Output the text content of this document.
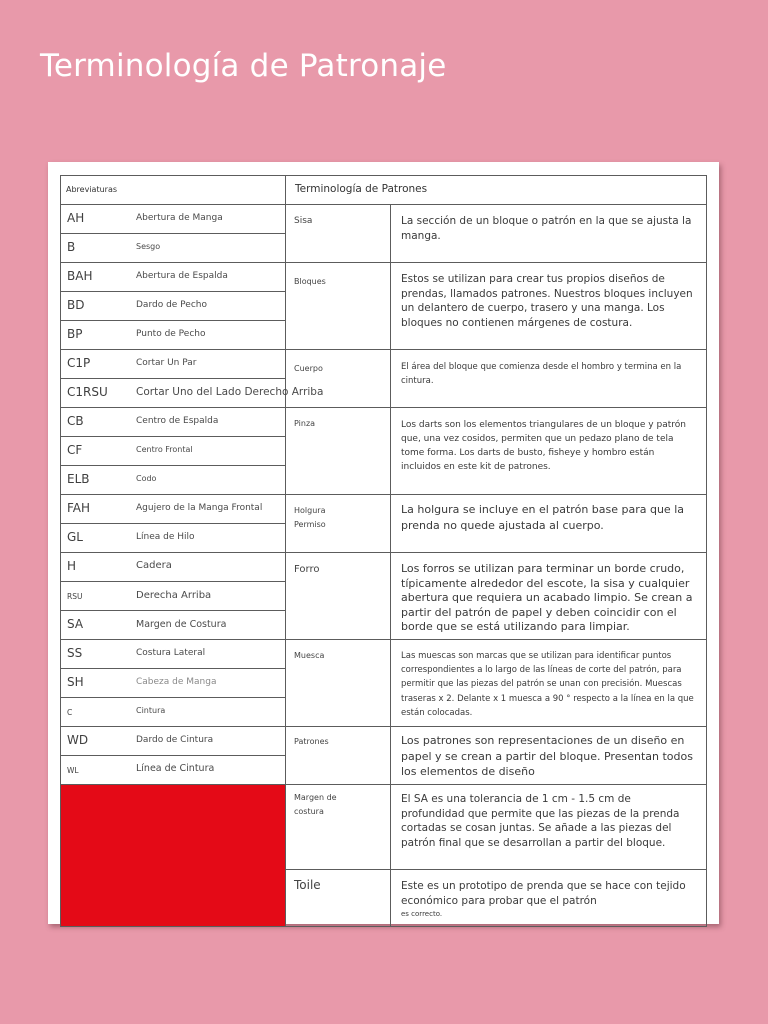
Terminología de Patronaje
Abreviaturas	Terminología de Patrones	

AH Abertura de Manga	Sisa	La sección de un bloque o patrón en la que se ajusta la manga.

B Sesgo		

BAH Abertura de Espalda	Bloques	Estos se utilizan para crear tus propios diseños de prendas, llamados patrones. Nuestros bloques incluyen un delantero de cuerpo, trasero y una manga. Los bloques no contienen márgenes de costura.

BD Dardo de Pecho		

BP Punto de Pecho		

C1P Cortar Un Par	Cuerpo	El área del bloque que comienza desde el hombro y termina en la cintura.

C1RSU Cortar Uno del Lado Derecho Arriba		

CB Centro de Espalda	Pinza	Los darts son los elementos triangulares de un bloque y patrón que, una vez cosidos, permiten que un pedazo plano de tela tome forma. Los darts de busto, fisheye y hombro están incluidos en este kit de patrones.

CF Centro Frontal		

ELB Codo		

FAH Agujero de la Manga Frontal	Holgura Permiso	La holgura se incluye en el patrón base para que la prenda no quede ajustada al cuerpo.

GL Línea de Hilo		

H Cadera	Forro	Los forros se utilizan para terminar un borde crudo, típicamente alrededor del escote, la sisa y cualquier abertura que requiera un acabado limpio. Se crean a partir del patrón de papel y deben coincidir con el borde que se está utilizando para limpiar.

RSU Derecha Arriba		

SA Margen de Costura		

SS Costura Lateral	Muesca	Las muescas son marcas que se utilizan para identificar puntos correspondientes a lo largo de las líneas de corte del patrón, para permitir que las piezas del patrón se unan con precisión. Muescas traseras x 2. Delante x 1 muesca a 90 ° respecto a la línea en la que están colocadas.

SH Cabeza de Manga		

C Cintura		

WD Dardo de Cintura	Patrones	Los patrones son representaciones de un diseño en papel y se crean a partir del bloque. Presentan todos los elementos de diseño

WL Línea de Cintura		

	Margen de costura	El SA es una tolerancia de 1 cm - 1.5 cm de profundidad que permite que las piezas de la prenda cortadas se cosan juntas. Se añade a las piezas del patrón final que se desarrollan a partir del bloque.

	Toile	Este es un prototipo de prenda que se hace con tejido económico para probar que el patrón
es correcto.
